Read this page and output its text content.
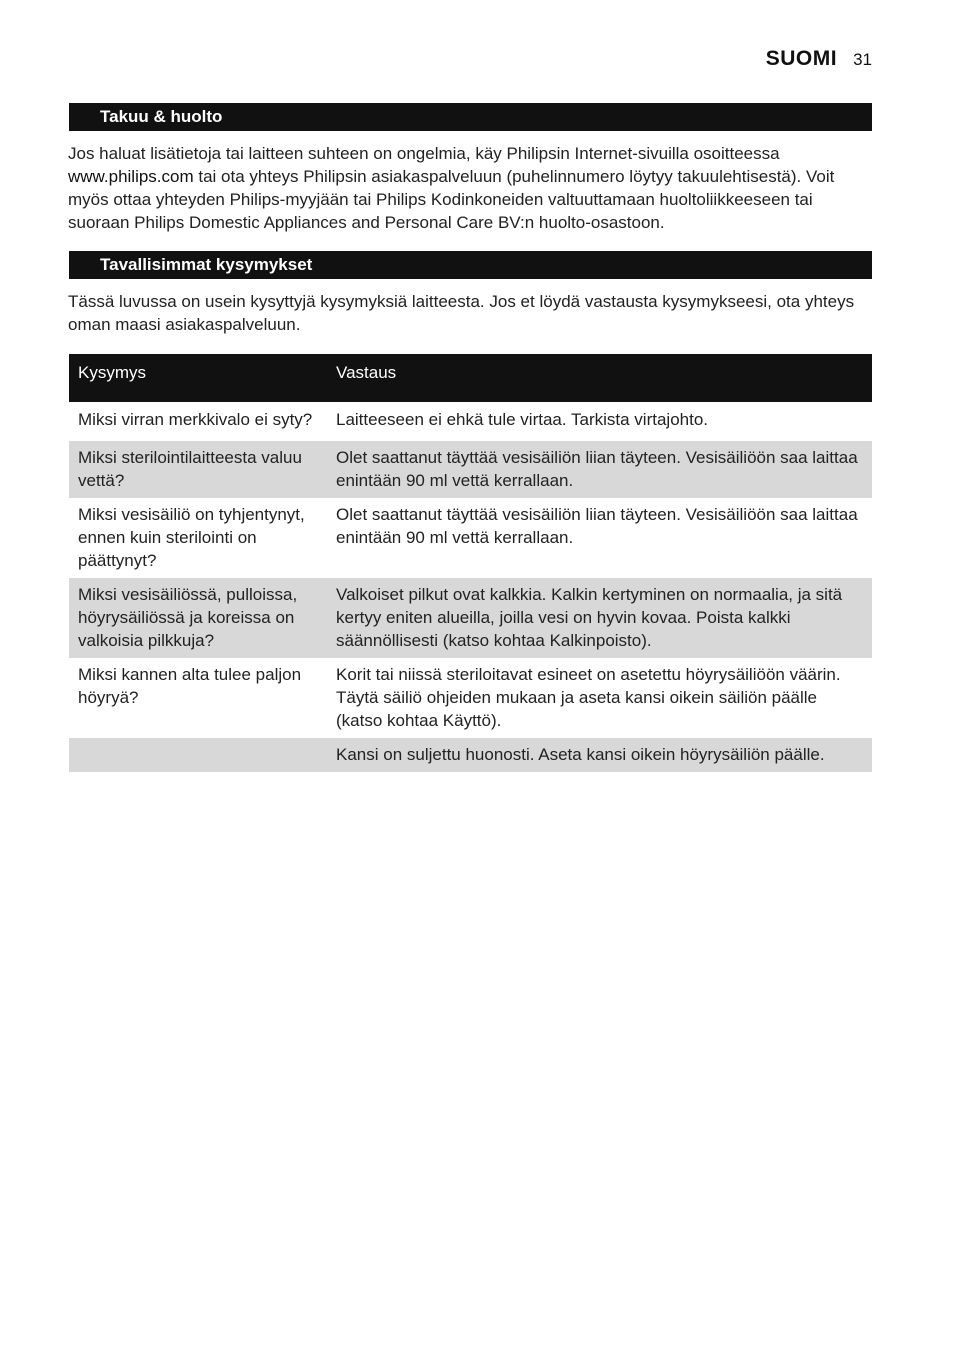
SUOMI 31
Takuu & huolto

Jos haluat lisätietoja tai laitteen suhteen on ongelmia, käy Philipsin Internet-sivuilla osoitteessa www.philips.com tai ota yhteys Philipsin asiakaspalveluun (puhelinnumero löytyy takuulehtisestä). Voit myös ottaa yhteyden Philips-myyjään tai Philips Kodinkoneiden valtuuttamaan huoltoliikkeeseen tai suoraan Philips Domestic Appliances and Personal Care BV:n huolto-osastoon.

Tavallisimmat kysymykset

Tässä luvussa on usein kysyttyjä kysymyksiä laitteesta. Jos et löydä vastausta kysymykseesi, ota yhteys oman maasi asiakaspalveluun.

Kysymys	Vastaus
Miksi virran merkkivalo ei syty?	Laitteeseen ei ehkä tule virtaa. Tarkista virtajohto.
Miksi sterilointilaitteesta valuu vettä?	Olet saattanut täyttää vesisäiliön liian täyteen. Vesisäiliöön saa laittaa enintään 90 ml vettä kerrallaan.
Miksi vesisäiliö on tyhjentynyt, ennen kuin sterilointi on päättynyt?	Olet saattanut täyttää vesisäiliön liian täyteen. Vesisäiliöön saa laittaa enintään 90 ml vettä kerrallaan.
Miksi vesisäiliössä, pulloissa, höyrysäiliössä ja koreissa on valkoisia pilkkuja?	Valkoiset pilkut ovat kalkkia. Kalkin kertyminen on normaalia, ja sitä kertyy eniten alueilla, joilla vesi on hyvin kovaa. Poista kalkki säännöllisesti (katso kohtaa Kalkinpoisto).
Miksi kannen alta tulee paljon höyryä?	Korit tai niissä steriloitavat esineet on asetettu höyrysäiliöön väärin. Täytä säiliö ohjeiden mukaan ja aseta kansi oikein säiliön päälle (katso kohtaa Käyttö).
	Kansi on suljettu huonosti. Aseta kansi oikein höyrysäiliön päälle.
